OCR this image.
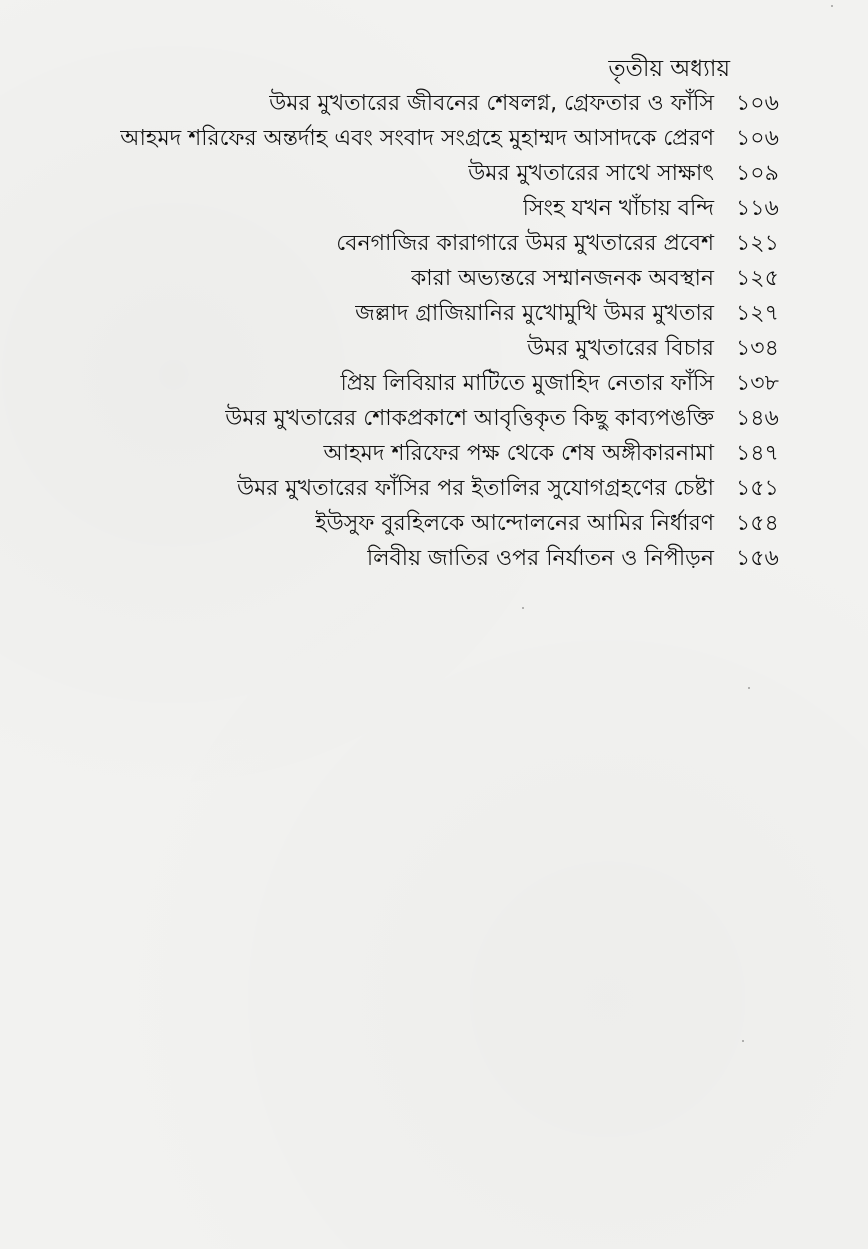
তৃতীয় অধ্যায়
উমর মুখতারের জীবনের শেষলগ্ন, গ্রেফতার ও ফাঁসি	১০৬
আহমদ শরিফের অন্তর্দাহ এবং সংবাদ সংগ্রহে মুহাম্মদ আসাদকে প্রেরণ	১০৬
উমর মুখতারের সাথে সাক্ষাৎ	১০৯
সিংহ যখন খাঁচায় বন্দি	১১৬
বেনগাজির কারাগারে উমর মুখতারের প্রবেশ	১২১
কারা অভ্যন্তরে সম্মানজনক অবস্থান	১২৫
জল্লাদ গ্রাজিয়ানির মুখোমুখি উমর মুখতার	১২৭
উমর মুখতারের বিচার	১৩৪
প্রিয় লিবিয়ার মাটিতে মুজাহিদ নেতার ফাঁসি	১৩৮
উমর মুখতারের শোকপ্রকাশে আবৃত্তিকৃত কিছু কাব্যপঙক্তি	১৪৬
আহমদ শরিফের পক্ষ থেকে শেষ অঙ্গীকারনামা	১৪৭
উমর মুখতারের ফাঁসির পর ইতালির সুযোগগ্রহণের চেষ্টা	১৫১
ইউসুফ বুরহিলকে আন্দোলনের আমির নির্ধারণ	১৫৪
লিবীয় জাতির ওপর নির্যাতন ও নিপীড়ন	১৫৬
